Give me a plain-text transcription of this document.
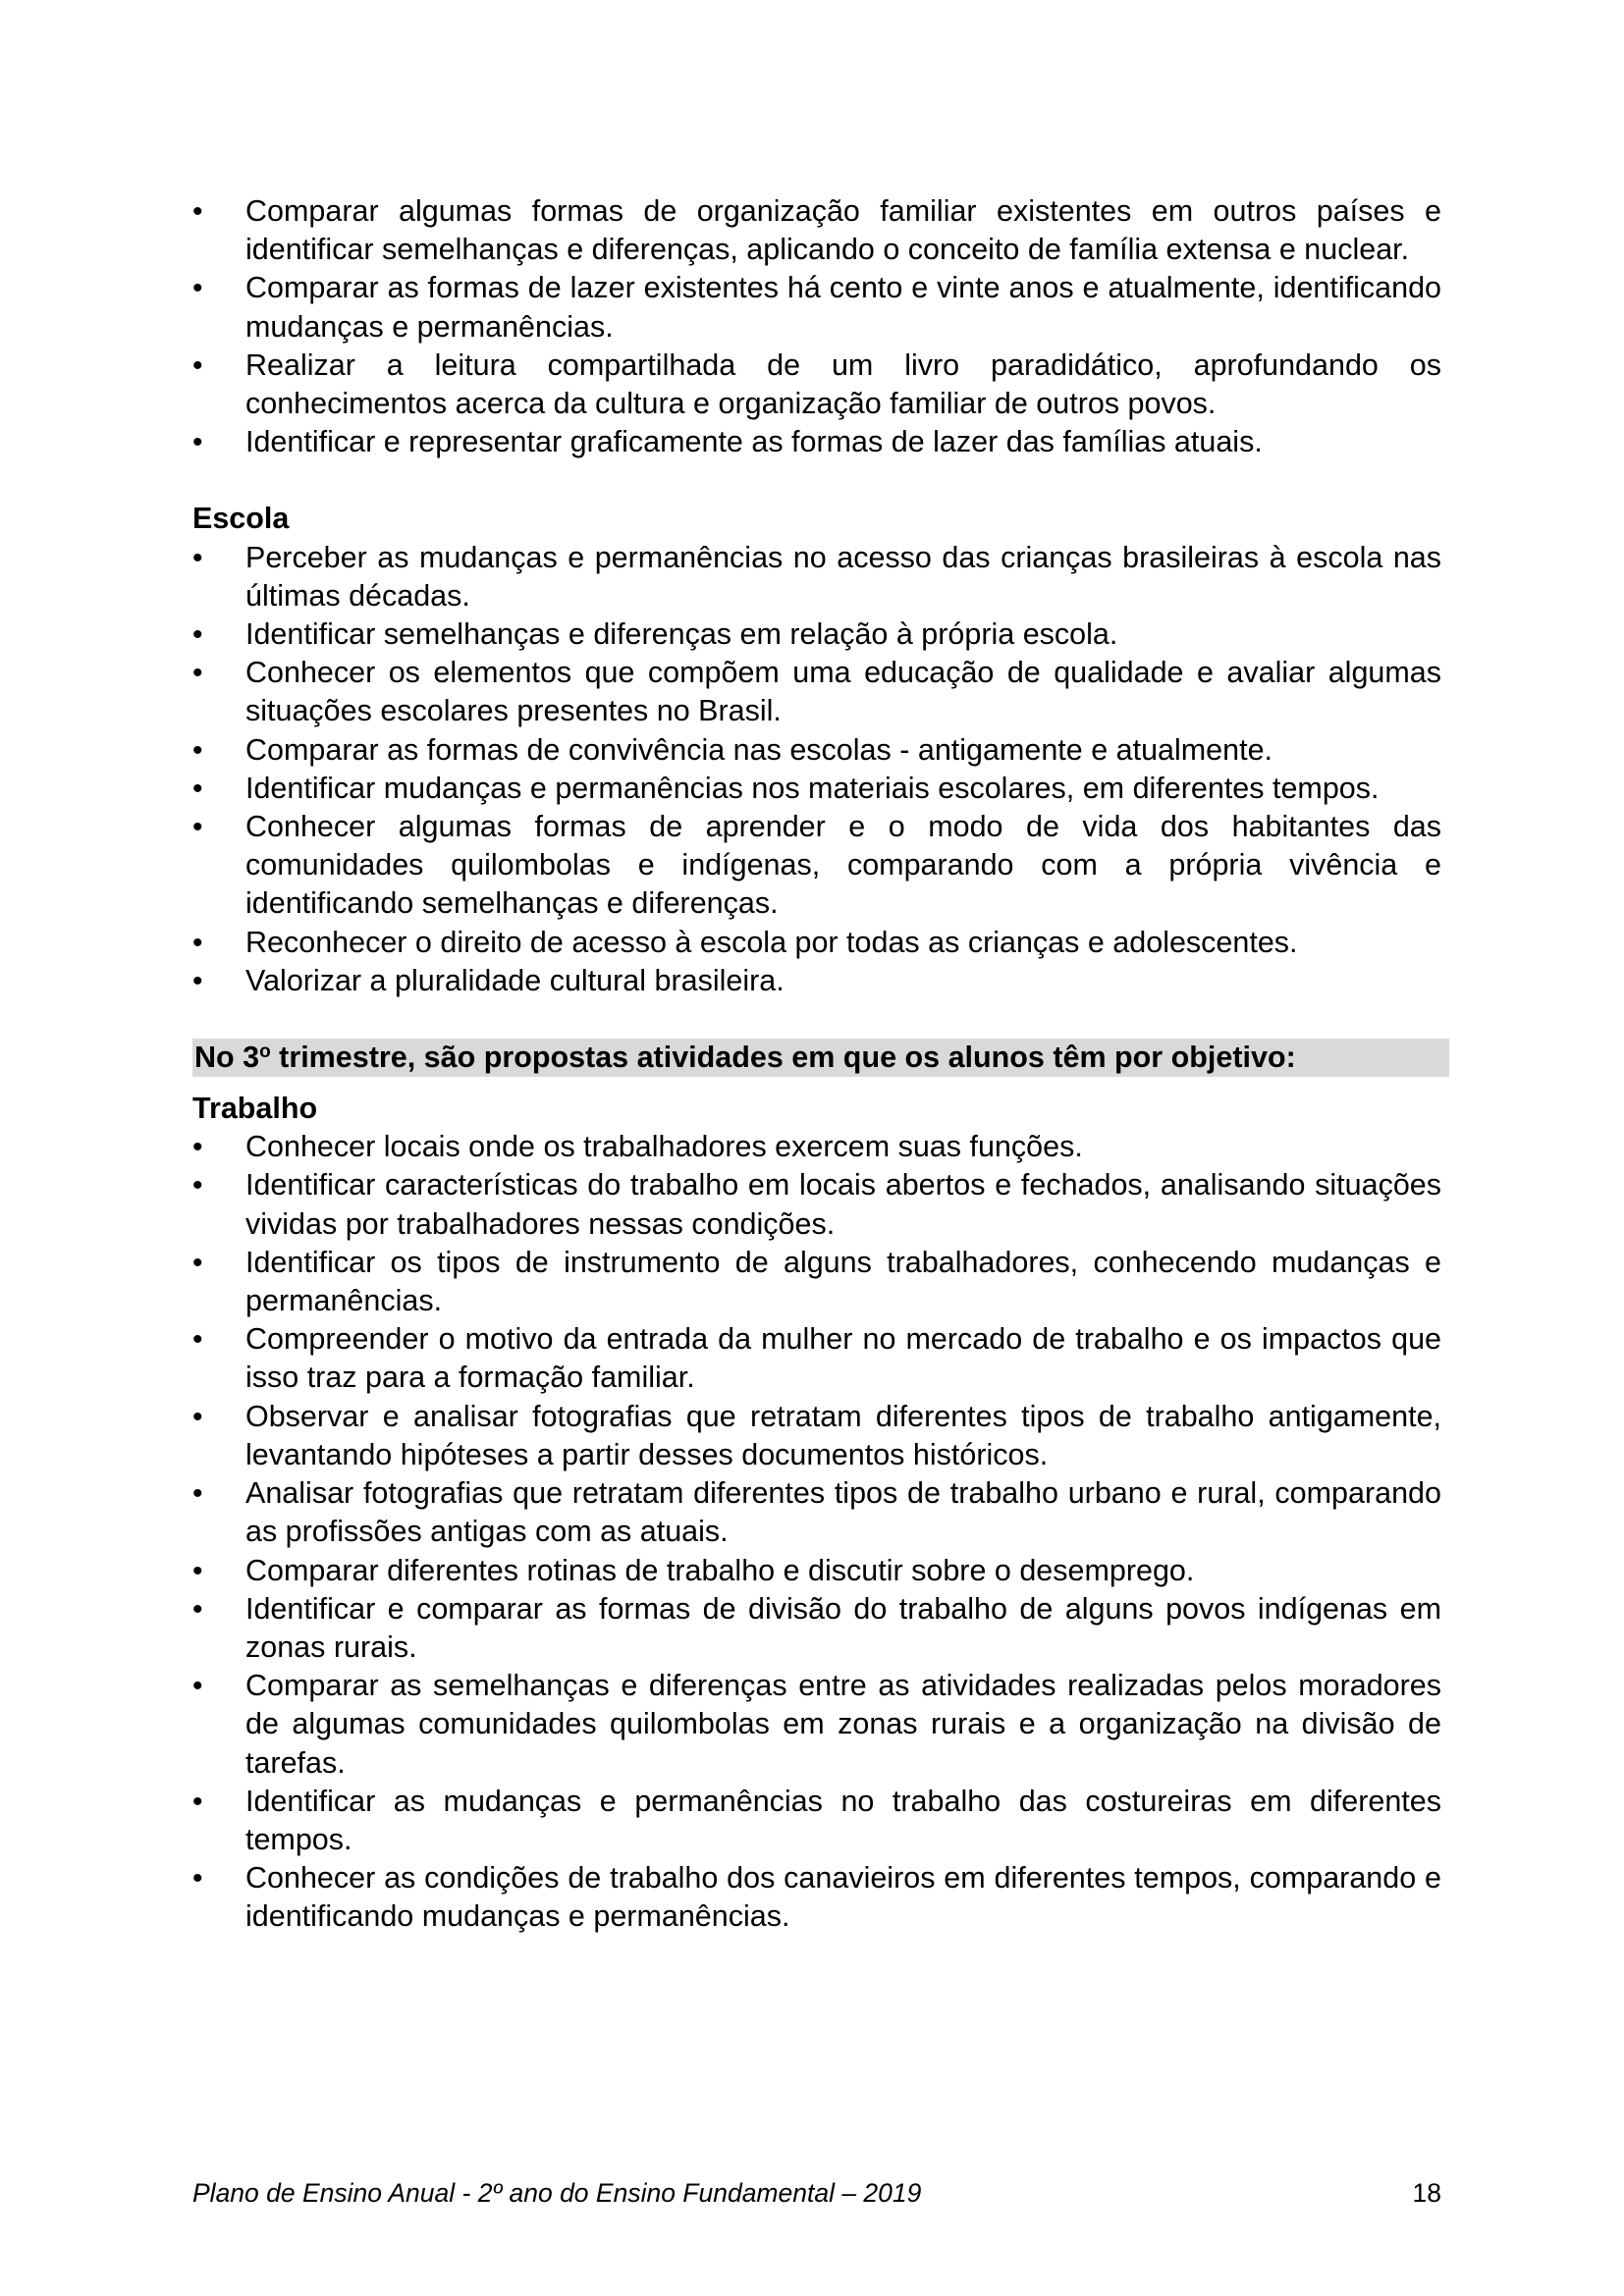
•	Comparar algumas formas de organização familiar existentes em outros países e identificar semelhanças e diferenças, aplicando o conceito de família extensa e nuclear.
•	Comparar as formas de lazer existentes há cento e vinte anos e atualmente, identificando mudanças e permanências.
•	Realizar a leitura compartilhada de um livro paradidático, aprofundando os conhecimentos acerca da cultura e organização familiar de outros povos.
•	Identificar e representar graficamente as formas de lazer das famílias atuais.
Escola
•	Perceber as mudanças e permanências no acesso das crianças brasileiras à escola nas últimas décadas.
•	Identificar semelhanças e diferenças em relação à própria escola.
•	Conhecer os elementos que compõem uma educação de qualidade e avaliar algumas situações escolares presentes no Brasil.
•	Comparar as formas de convivência nas escolas - antigamente e atualmente.
•	Identificar mudanças e permanências nos materiais escolares, em diferentes tempos.
•	Conhecer algumas formas de aprender e o modo de vida dos habitantes das comunidades quilombolas e indígenas, comparando com a própria vivência e identificando semelhanças e diferenças.
•	Reconhecer o direito de acesso à escola por todas as crianças e adolescentes.
•	Valorizar a pluralidade cultural brasileira.
No 3$^o$ trimestre, são propostas atividades em que os alunos têm por objetivo:
Trabalho
•	Conhecer locais onde os trabalhadores exercem suas funções.
•	Identificar características do trabalho em locais abertos e fechados, analisando situações vividas por trabalhadores nessas condições.
•	Identificar os tipos de instrumento de alguns trabalhadores, conhecendo mudanças e permanências.
•	Compreender o motivo da entrada da mulher no mercado de trabalho e os impactos que isso traz para a formação familiar.
•	Observar e analisar fotografias que retratam diferentes tipos de trabalho antigamente, levantando hipóteses a partir desses documentos históricos.
•	Analisar fotografias que retratam diferentes tipos de trabalho urbano e rural, comparando as profissões antigas com as atuais.
•	Comparar diferentes rotinas de trabalho e discutir sobre o desemprego.
•	Identificar e comparar as formas de divisão do trabalho de alguns povos indígenas em zonas rurais.
•	Comparar as semelhanças e diferenças entre as atividades realizadas pelos moradores de algumas comunidades quilombolas em zonas rurais e a organização na divisão de tarefas.
•	Identificar as mudanças e permanências no trabalho das costureiras em diferentes tempos.
•	Conhecer as condições de trabalho dos canavieiros em diferentes tempos, comparando e identificando mudanças e permanências.
Plano de Ensino Anual - 2º ano do Ensino Fundamental – 2019	18
